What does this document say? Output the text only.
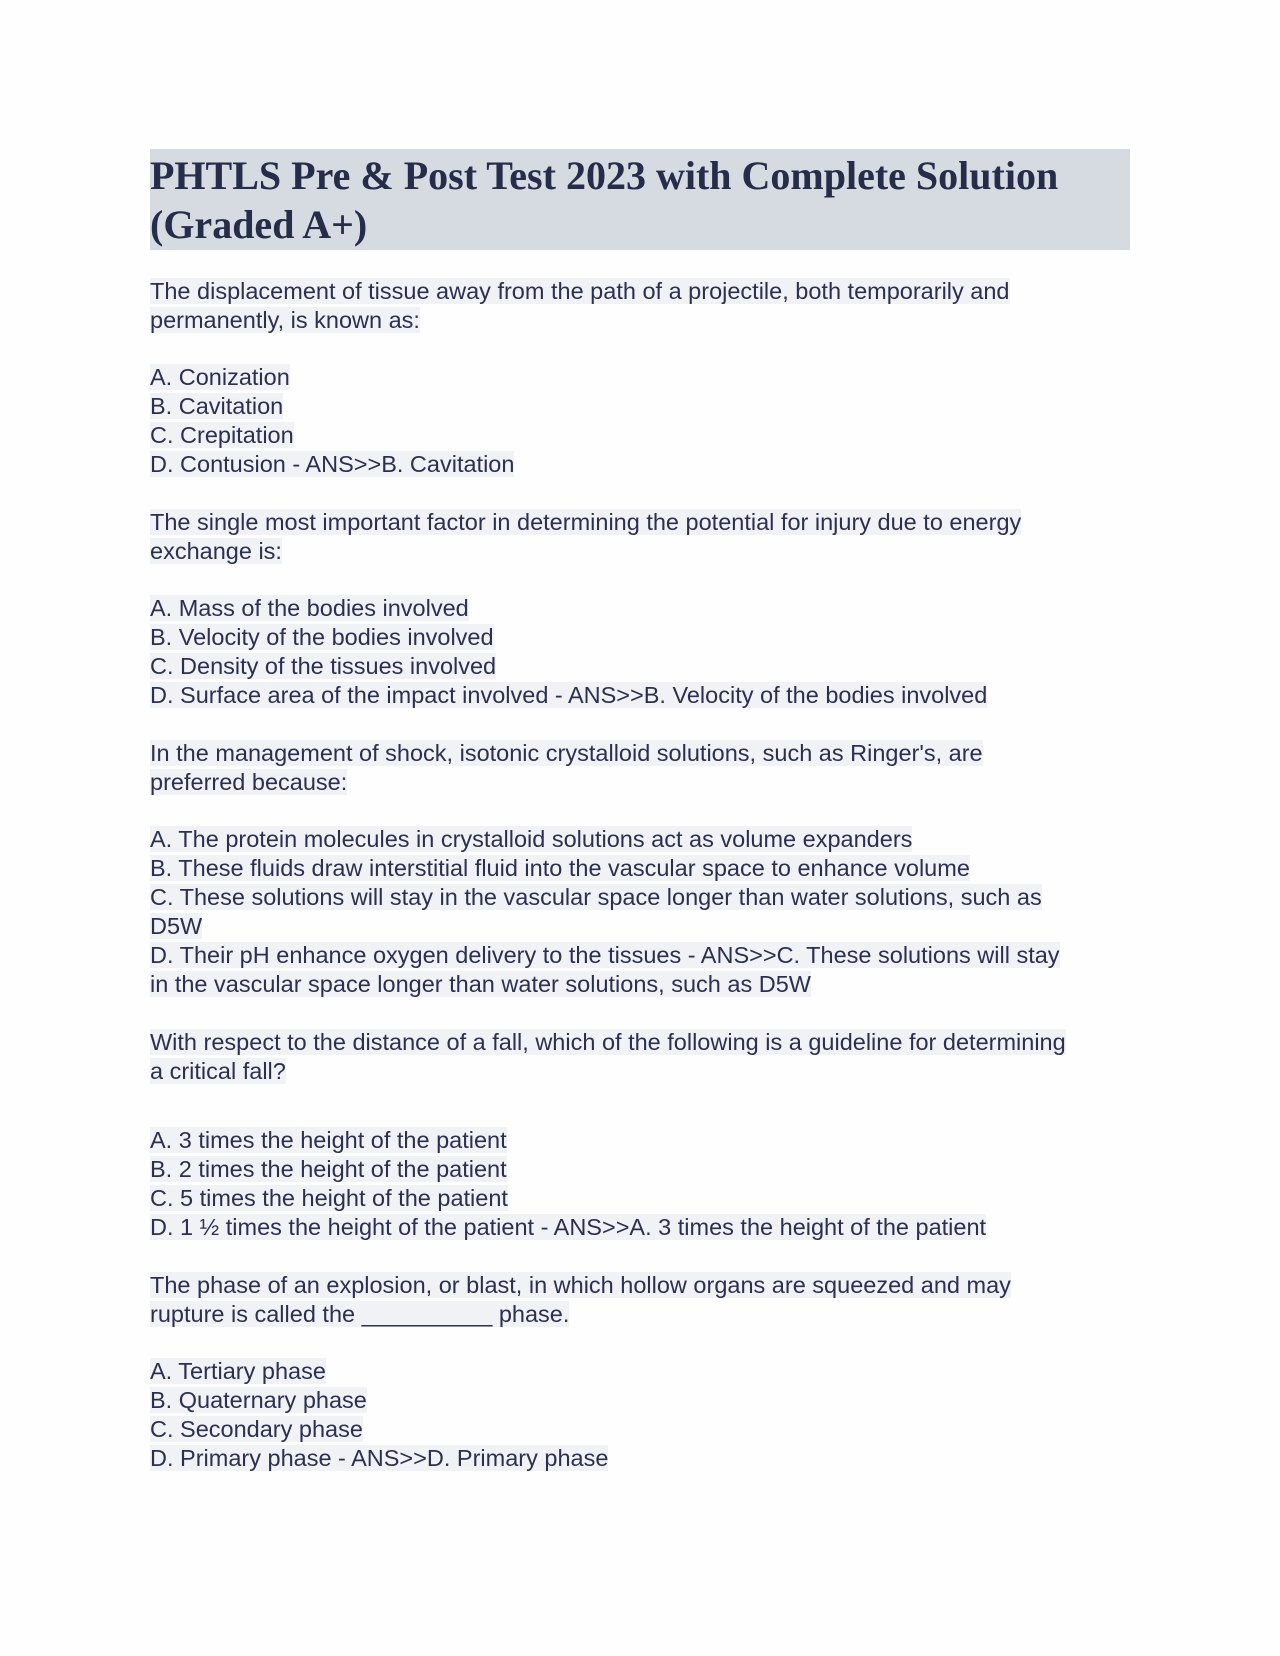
PHTLS Pre & Post Test 2023 with Complete Solution
(Graded A+)
The displacement of tissue away from the path of a projectile, both temporarily and
permanently, is known as:
A. Conization
B. Cavitation
C. Crepitation
D. Contusion - ANS>>B. Cavitation
The single most important factor in determining the potential for injury due to energy
exchange is:
A. Mass of the bodies involved
B. Velocity of the bodies involved
C. Density of the tissues involved
D. Surface area of the impact involved - ANS>>B. Velocity of the bodies involved
In the management of shock, isotonic crystalloid solutions, such as Ringer's, are
preferred because:
A. The protein molecules in crystalloid solutions act as volume expanders
B. These fluids draw interstitial fluid into the vascular space to enhance volume
C. These solutions will stay in the vascular space longer than water solutions, such as
D5W
D. Their pH enhance oxygen delivery to the tissues - ANS>>C. These solutions will stay
in the vascular space longer than water solutions, such as D5W
With respect to the distance of a fall, which of the following is a guideline for determining
a critical fall?
A. 3 times the height of the patient
B. 2 times the height of the patient
C. 5 times the height of the patient
D. 1 ½ times the height of the patient - ANS>>A. 3 times the height of the patient
The phase of an explosion, or blast, in which hollow organs are squeezed and may
rupture is called the __________ phase.
A. Tertiary phase
B. Quaternary phase
C. Secondary phase
D. Primary phase - ANS>>D. Primary phase
